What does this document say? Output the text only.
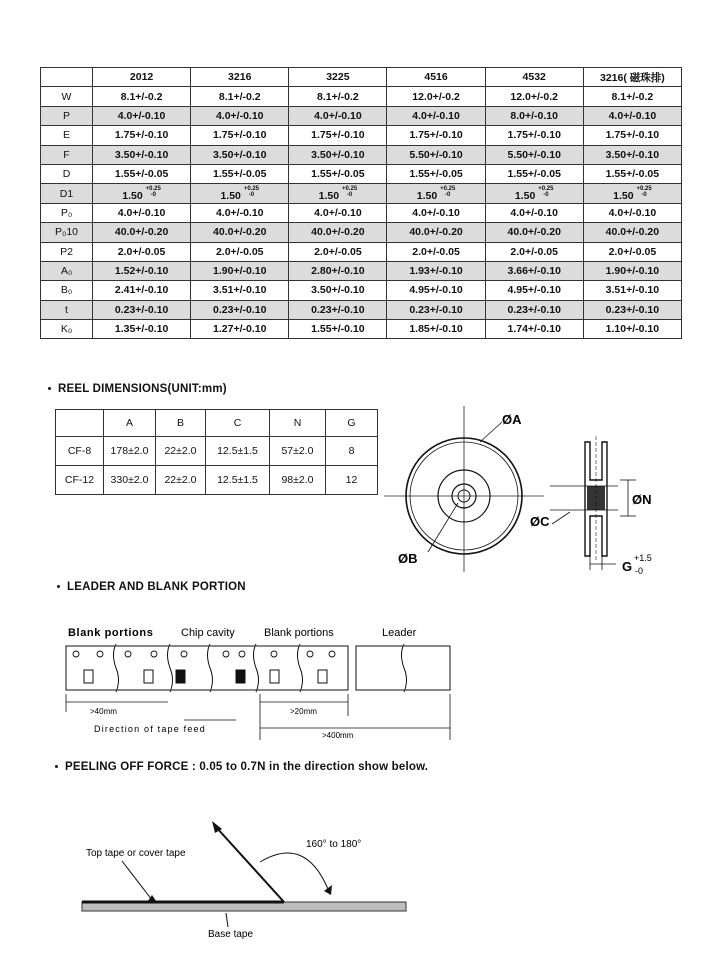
	2012	3216	3225	4516	4532	3216( 磁珠排)
W	8.1+/-0.2	8.1+/-0.2	8.1+/-0.2	12.0+/-0.2	12.0+/-0.2	8.1+/-0.2
P	4.0+/-0.10	4.0+/-0.10	4.0+/-0.10	4.0+/-0.10	8.0+/-0.10	4.0+/-0.10
E	1.75+/-0.10	1.75+/-0.10	1.75+/-0.10	1.75+/-0.10	1.75+/-0.10	1.75+/-0.10
F	3.50+/-0.10	3.50+/-0.10	3.50+/-0.10	5.50+/-0.10	5.50+/-0.10	3.50+/-0.10
D	1.55+/-0.05	1.55+/-0.05	1.55+/-0.05	1.55+/-0.05	1.55+/-0.05	1.55+/-0.05
D1	1.50 $^{+0.25 -0}$	1.50 $^{+0.25 -0}$	1.50 $^{+0.25 -0}$	1.50 $^{+0.25 -0}$	1.50 $^{+0.25 -0}$	1.50 $^{+0.25 -0}$
P₀	4.0+/-0.10	4.0+/-0.10	4.0+/-0.10	4.0+/-0.10	4.0+/-0.10	4.0+/-0.10
P₀10	40.0+/-0.20	40.0+/-0.20	40.0+/-0.20	40.0+/-0.20	40.0+/-0.20	40.0+/-0.20
P2	2.0+/-0.05	2.0+/-0.05	2.0+/-0.05	2.0+/-0.05	2.0+/-0.05	2.0+/-0.05
A₀	1.52+/-0.10	1.90+/-0.10	2.80+/-0.10	1.93+/-0.10	3.66+/-0.10	1.90+/-0.10
B₀	2.41+/-0.10	3.51+/-0.10	3.50+/-0.10	4.95+/-0.10	4.95+/-0.10	3.51+/-0.10
t	0.23+/-0.10	0.23+/-0.10	0.23+/-0.10	0.23+/-0.10	0.23+/-0.10	0.23+/-0.10
K₀	1.35+/-0.10	1.27+/-0.10	1.55+/-0.10	1.85+/-0.10	1.74+/-0.10	1.10+/-0.10
REEL DIMENSIONS(UNIT:mm)
	A	B	C	N	G
CF-8	178±2.0	22±2.0	12.5±1.5	57±2.0	8
CF-12	330±2.0	22±2.0	12.5±1.5	98±2.0	12
ØA
ØB
ØN
ØC
G
+1.5
-0
LEADER AND BLANK PORTION
Blank portions	Chip cavity	Blank portions	Leader
>40mm	>20mm
>400mm
Direction of tape feed
PEELING OFF FORCE : 0.05 to 0.7N in the direction show below.
Top tape or cover tape
160° to 180°
Base tape
